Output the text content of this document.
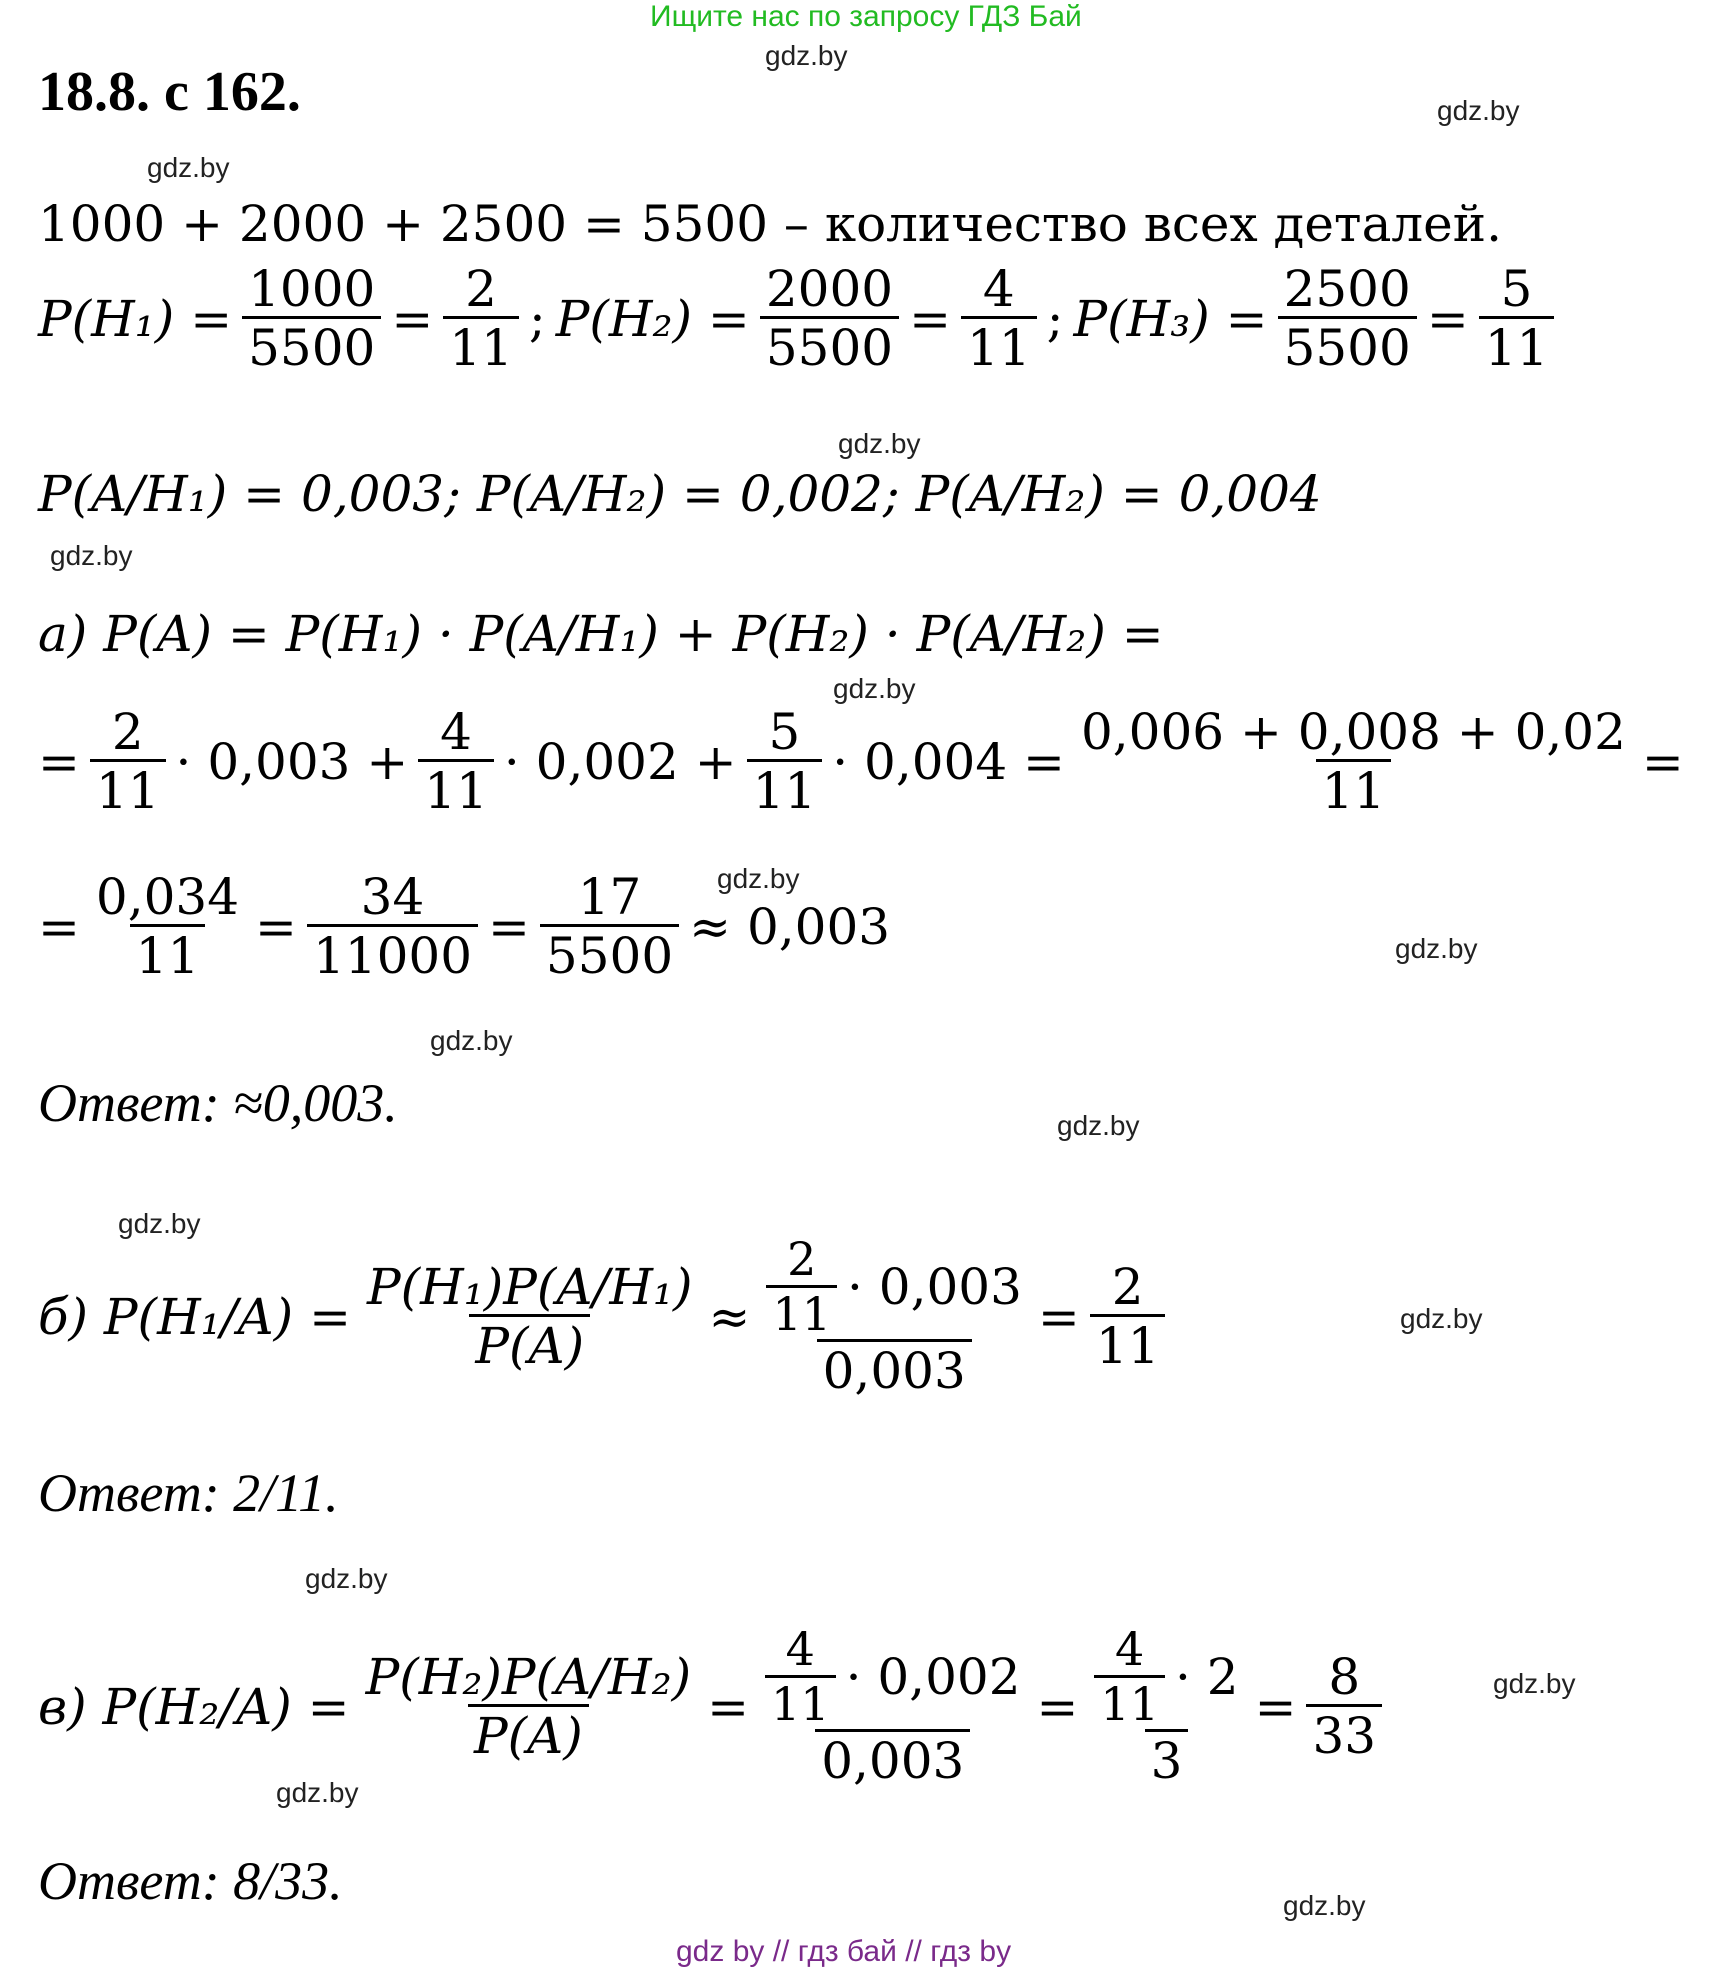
Ищите нас по запросу ГДЗ Бай
18.8. с 162.
gdz.by
gdz.by
gdz.by
gdz.by
gdz.by
gdz.by
gdz.by
gdz.by
gdz.by
gdz.by
gdz.by
gdz.by
gdz.by
gdz.by
gdz.by
gdz.by
1000 + 2000 + 2500 = 5500 – количество всех деталей.
$P(H_1) = \frac{1000}{5500} = \frac{2}{11}$ ; $P(H_2) = \frac{2000}{5500} = \frac{4}{11}$ ; $P(H_3) = \frac{2500}{5500} = \frac{5}{11}$
P(A/H₁) = 0,003; P(A/H₂) = 0,002; P(A/H₂) = 0,004
а) P(A) = P(H₁) · P(A/H₁) + P(H₂) · P(A/H₂) =
= $\frac{2}{11} \cdot 0,003 + \frac{4}{11} \cdot 0,002 + \frac{5}{11} \cdot 0,004 = \frac{0,006 + 0,008 + 0,02}{11}$ =
= $\frac{0,034}{11} = \frac{34}{11000} = \frac{17}{5500} \approx 0,003$
Ответ: ≈0,003.
б) $P(H_1/A) = \frac{\text{P(H₁)P(A/H₁)}}{P(A)} \approx \frac{\frac{2}{11} \cdot 0,003}{0,003} = \frac{2}{11}$
Ответ: 2/11.
в) $P(H_2/A) = \frac{\text{P(H₂)P(A/H₂)}}{P(A)} = \frac{\frac{4}{11} \cdot 0,002}{0,003} = \frac{\frac{4}{11} \cdot 2}{3} = \frac{8}{33}$
Ответ: 8/33.
gdz by // гдз бай // гдз by
